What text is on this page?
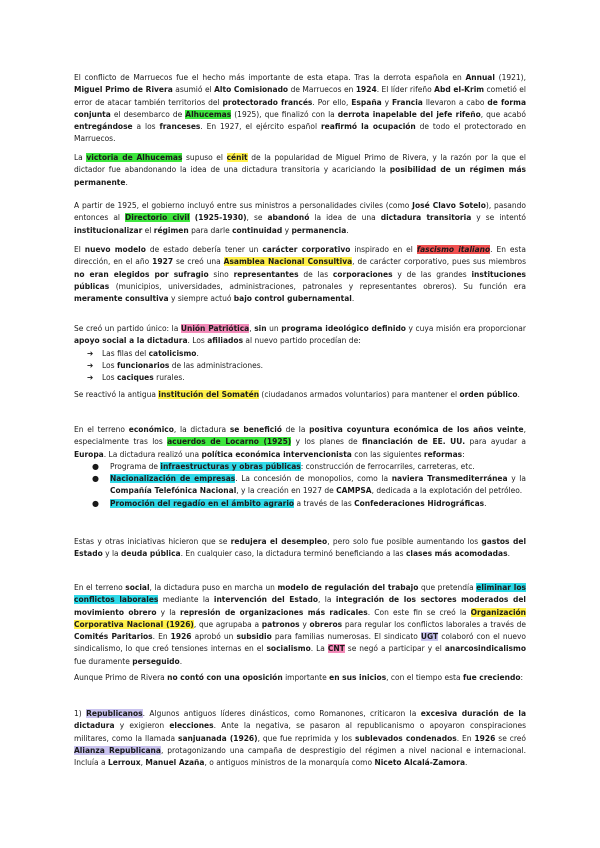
El conflicto de Marruecos fue el hecho más importante de esta etapa. Tras la derrota española en Annual (1921), Miguel Primo de Rivera asumió el Alto Comisionado de Marruecos en 1924. El líder rifeño Abd el-Krim cometió el error de atacar también territorios del protectorado francés. Por ello, España y Francia llevaron a cabo de forma conjunta el desembarco de Alhucemas (1925), que finalizó con la derrota inapelable del jefe rifeño, que acabó entregándose a los franceses. En 1927, el ejército español reafirmó la ocupación de todo el protectorado en Marruecos.

La victoria de Alhucemas supuso el cénit de la popularidad de Miguel Primo de Rivera, y la razón por la que el dictador fue abandonando la idea de una dictadura transitoria y acariciando la posibilidad de un régimen más permanente.

A partir de 1925, el gobierno incluyó entre sus ministros a personalidades civiles (como José Clavo Sotelo), pasando entonces al Directorio civil (1925-1930), se abandonó la idea de una dictadura transitoria y se intentó institucionalizar el régimen para darle continuidad y permanencia.

El nuevo modelo de estado debería tener un carácter corporativo inspirado en el fascismo italiano. En esta dirección, en el año 1927 se creó una Asamblea Nacional Consultiva, de carácter corporativo, pues sus miembros no eran elegidos por sufragio sino representantes de las corporaciones y de las grandes instituciones públicas (municipios, universidades, administraciones, patronales y representantes obreros). Su función era meramente consultiva y siempre actuó bajo control gubernamental.

Se creó un partido único: la Unión Patriótica, sin un programa ideológico definido y cuya misión era proporcionar apoyo social a la dictadura. Los afiliados al nuevo partido procedían de:
➔ Las filas del catolicismo.
➔ Los funcionarios de las administraciones.
➔ Los caciques rurales.

Se reactivó la antigua institución del Somatén (ciudadanos armados voluntarios) para mantener el orden público.

En el terreno económico, la dictadura se benefició de la positiva coyuntura económica de los años veinte, especialmente tras los acuerdos de Locarno (1925) y los planes de financiación de EE. UU. para ayudar a Europa. La dictadura realizó una política económica intervencionista con las siguientes reformas:
● Programa de infraestructuras y obras públicas: construcción de ferrocarriles, carreteras, etc.
● Nacionalización de empresas. La concesión de monopolios, como la naviera Transmediterránea y la Compañía Telefónica Nacional, y la creación en 1927 de CAMPSA, dedicada a la explotación del petróleo.
● Promoción del regadío en el ámbito agrario a través de las Confederaciones Hidrográficas.

Estas y otras iniciativas hicieron que se redujera el desempleo, pero solo fue posible aumentando los gastos del Estado y la deuda pública. En cualquier caso, la dictadura terminó beneficiando a las clases más acomodadas.

En el terreno social, la dictadura puso en marcha un modelo de regulación del trabajo que pretendía eliminar los conflictos laborales mediante la intervención del Estado, la integración de los sectores moderados del movimiento obrero y la represión de organizaciones más radicales. Con este fin se creó la Organización Corporativa Nacional (1926), que agrupaba a patronos y obreros para regular los conflictos laborales a través de Comités Paritarios. En 1926 aprobó un subsidio para familias numerosas. El sindicato UGT colaboró con el nuevo sindicalismo, lo que creó tensiones internas en el socialismo. La CNT se negó a participar y el anarcosindicalismo fue duramente perseguido.

Aunque Primo de Rivera no contó con una oposición importante en sus inicios, con el tiempo esta fue creciendo:

1) Republicanos. Algunos antiguos líderes dinásticos, como Romanones, criticaron la excesiva duración de la dictadura y exigieron elecciones. Ante la negativa, se pasaron al republicanismo o apoyaron conspiraciones militares, como la llamada sanjuanada (1926), que fue reprimida y los sublevados condenados. En 1926 se creó Alianza Republicana, protagonizando una campaña de desprestigio del régimen a nivel nacional e internacional. Incluía a Lerroux, Manuel Azaña, o antiguos ministros de la monarquía como Niceto Alcalá-Zamora.
